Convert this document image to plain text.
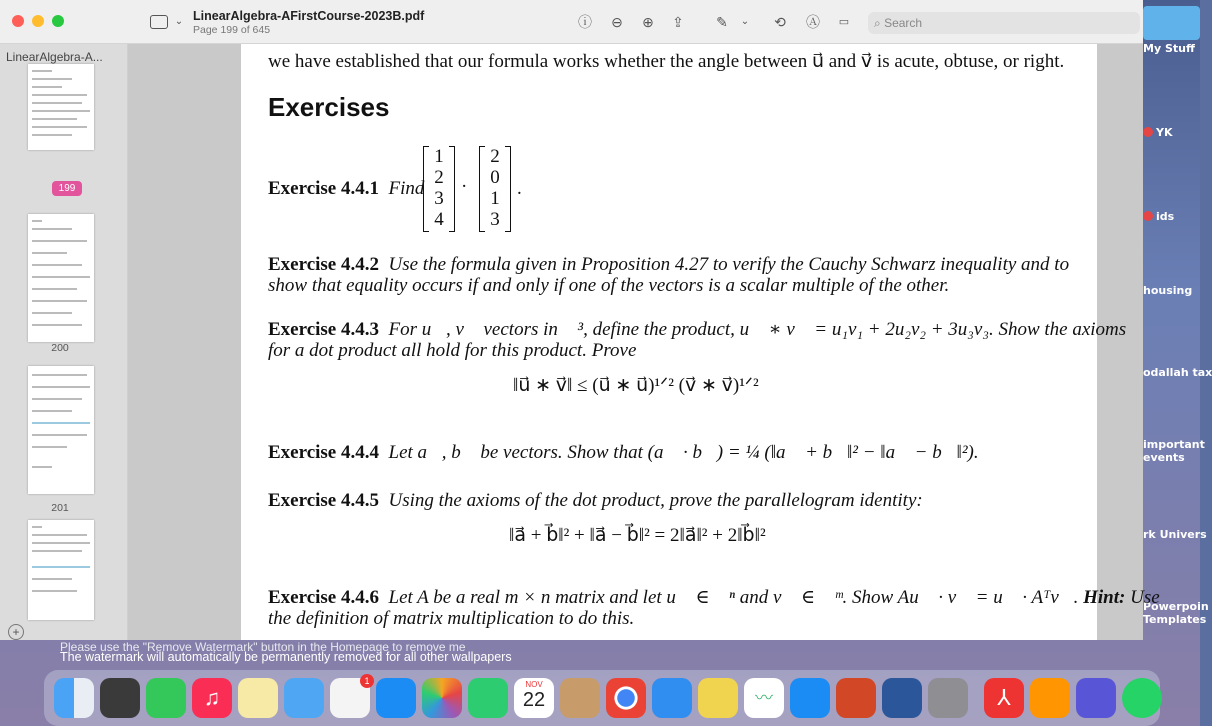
My Stuff
YK
ids
housing
odallah tax
important events
rk Univers
Powerpoin Templates
⌄ LinearAlgebra-AFirstCourse-2023B.pdf
Page 199 of 645	ⓘ ⊖ ⊕ ⇪ ✎	⌄	⟲ Ⓐ	▭	⌕ Search
LinearAlgebra-A...
199
200
201
+
we have established that our formula works whether the angle between u⃗ and v⃗ is acute, obtuse, or right.
Exercises
Exercise 4.4.1 Find
1
2
3
4
·
2
0
1
3
.
Exercise 4.4.2 Use the formula given in Proposition 4.27 to verify the Cauchy Schwarz inequality and to
show that equality occurs if and only if one of the vectors is a scalar multiple of the other.
Exercise 4.4.3 For u⃗, v⃗ vectors in ℝ³, define the product, u⃗ ∗ v⃗ = u₁v₁ + 2u₂v₂ + 3u₃v₃. Show the axioms
for a dot product all hold for this product. Prove
‖u⃗ ∗ v⃗‖ ≤ (u⃗ ∗ u⃗)¹ᐟ² (v⃗ ∗ v⃗)¹ᐟ²
Exercise 4.4.4 Let a⃗, b⃗ be vectors. Show that (a⃗ · b⃗) = ¼ (‖a⃗ + b⃗‖² − ‖a⃗ − b⃗‖²).
Exercise 4.4.5 Using the axioms of the dot product, prove the parallelogram identity:
‖a⃗ + b⃗‖² + ‖a⃗ − b⃗‖² = 2‖a⃗‖² + 2‖b⃗‖²
Exercise 4.4.6 Let A be a real m × n matrix and let u⃗ ∈ ℝⁿ and v⃗ ∈ ℝᵐ. Show Au⃗ · v⃗ = u⃗ · Aᵀv⃗. Hint: Use
the definition of matrix multiplication to do this.
Please use the "Remove Watermark" button in the Homepage to remove me
The watermark will automatically be permanently removed for all other wallpapers
♫
1	NOV
22	〰	⅄
